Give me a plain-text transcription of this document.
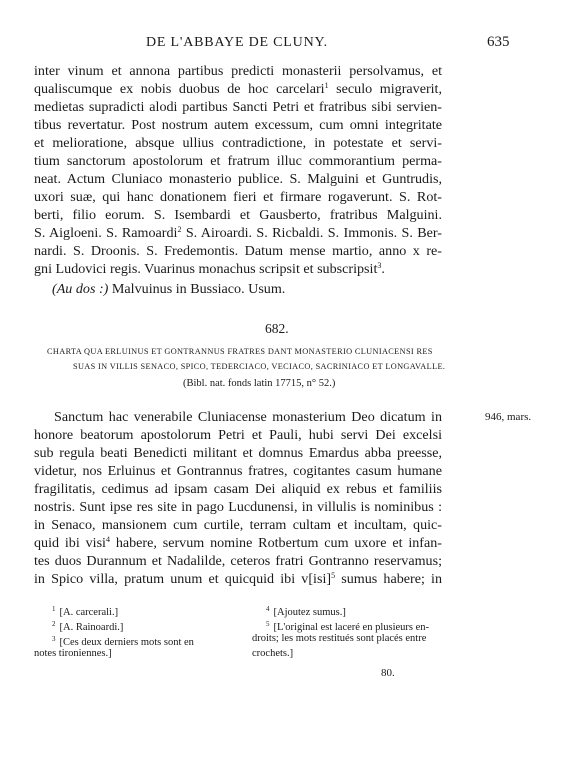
DE L'ABBAYE DE CLUNY.	635
inter vinum et annona partibus predicti monasterii persolvamus, et
qualiscumque ex nobis duobus de hoc carcelari$^1$ seculo migraverit,
medietas supradicti alodi partibus Sancti Petri et fratribus sibi servien-
tibus revertatur. Post nostrum autem excessum, cum omni integritate
et melioratione, absque ullius contradictione, in potestate et servi-
tium sanctorum apostolorum et fratrum illuc commorantium perma-
neat. Actum Cluniaco monasterio publice. S. Malguini et Guntrudis,
uxori suæ, qui hanc donationem fieri et firmare rogaverunt. S. Rot-
berti, filio eorum. S. Isembardi et Gausberto, fratribus Malguini.
S. Aigloeni. S. Ramoardi$^2$ S. Airoardi. S. Ricbaldi. S. Immonis. S. Ber-
nardi. S. Droonis. S. Fredemontis. Datum mense martio, anno x re-
gni Ludovici regis. Vuarinus monachus scripsit et subscripsit$^3$.
(Au dos :) Malvuinus in Bussiaco. Usum.
682.
CHARTA QUA ERLUINUS ET GONTRANNUS FRATRES DANT MONASTERIO CLUNIACENSI RES
SUAS IN VILLIS SENACO, SPICO, TEDERCIACO, VECIACO, SACRINIACO ET LONGAVALLE.
(Bibl. nat. fonds latin 17715, n° 52.)
946, mars.
Sanctum hac venerabile Cluniacense monasterium Deo dicatum in
honore beatorum apostolorum Petri et Pauli, hubi servi Dei excelsi
sub regula beati Benedicti militant et domnus Emardus abba preesse,
videtur, nos Erluinus et Gontrannus fratres, cogitantes casum humane
fragilitatis, cedimus ad ipsam casam Dei aliquid ex rebus et familiis
nostris. Sunt ipse res site in pago Lucdunensi, in villulis is nominibus :
in Senaco, mansionem cum curtile, terram cultam et incultam, quic-
quid ibi visi$^4$ habere, servum nomine Rotbertum cum uxore et infan-
tes duos Durannum et Nadalilde, ceteros fratri Gontranno reservamus;
in Spico villa, pratum unum et quicquid ibi v[isi]$^5$ sumus habere; in
$^1$ [A. carcerali.]
$^2$ [A. Rainoardi.]
$^3$ [Ces deux derniers mots sont en
notes tironiennes.]
$^4$ [Ajoutez sumus.]
$^5$ [L'original est laceré en plusieurs en-
droits; les mots restitués sont placés entre
crochets.]
80.
